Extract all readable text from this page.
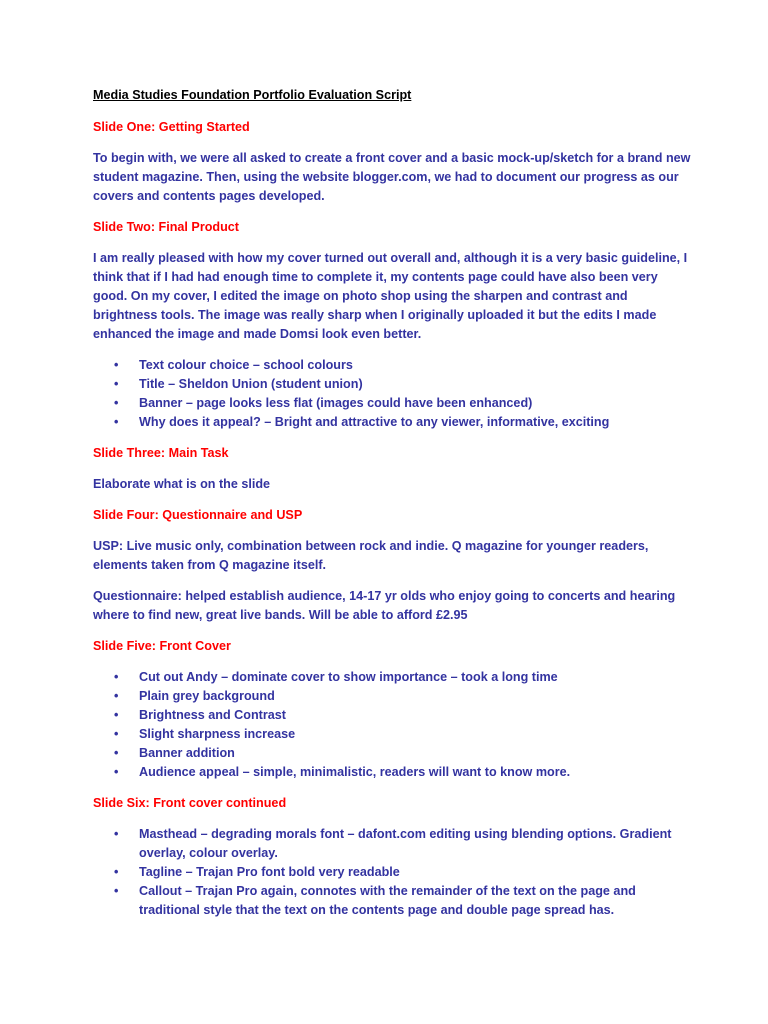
Media Studies Foundation Portfolio Evaluation Script
Slide One: Getting Started
To begin with, we were all asked to create a front cover and a basic mock-up/sketch for a brand new student magazine. Then, using the website blogger.com, we had to document our progress as our covers and contents pages developed.
Slide Two: Final Product
I am really pleased with how my cover turned out overall and, although it is a very basic guideline, I think that if I had had enough time to complete it, my contents page could have also been very good. On my cover, I edited the image on photo shop using the sharpen and contrast and brightness tools. The image was really sharp when I originally uploaded it but the edits I made enhanced the image and made Domsi look even better.
• Text colour choice – school colours
• Title – Sheldon Union (student union)
• Banner – page looks less flat (images could have been enhanced)
• Why does it appeal? – Bright and attractive to any viewer, informative, exciting
Slide Three: Main Task
Elaborate what is on the slide
Slide Four: Questionnaire and USP
USP: Live music only, combination between rock and indie. Q magazine for younger readers, elements taken from Q magazine itself.
Questionnaire: helped establish audience, 14-17 yr olds who enjoy going to concerts and hearing where to find new, great live bands. Will be able to afford £2.95
Slide Five: Front Cover
• Cut out Andy – dominate cover to show importance – took a long time
• Plain grey background
• Brightness and Contrast
• Slight sharpness increase
• Banner addition
• Audience appeal – simple, minimalistic, readers will want to know more.
Slide Six: Front cover continued
• Masthead – degrading morals font – dafont.com editing using blending options. Gradient overlay, colour overlay.
• Tagline – Trajan Pro font bold very readable
• Callout – Trajan Pro again, connotes with the remainder of the text on the page and traditional style that the text on the contents page and double page spread has.
